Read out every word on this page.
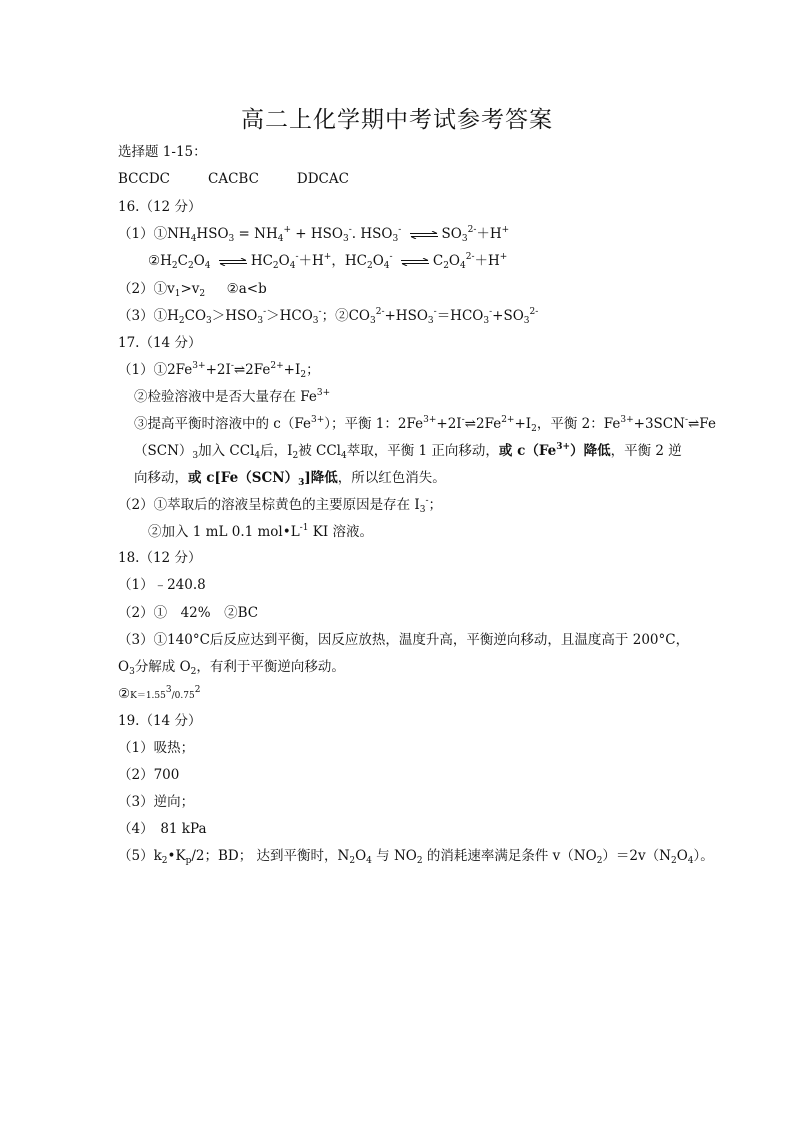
高二上化学期中考试参考答案
选择题 1-15：
BCCDC	CACBC	DDCAC
16.（12 分）
$(1)①NH_4HSO_3 = NH_4^+ + HSO_3^-$. $HSO_3^-$ ⇌ $SO_3^{2-}+H^+$
$②H_2C_2O_4$ ⇌ $HC_2O_4^-+H^+$，$HC_2O_4^-$ ⇌ $C_2O_4^{2-}+H^+$
$(2)①v_1>v_2$ ②a<b
$(3)①H_2CO_3>HSO_3^->HCO_3^-$；$②CO_3^{2-}+HSO_3^-=HCO_3^-+SO_3^{2-}$
17.（14 分）
$(1)①2Fe^{3+}+2I^-\rightleftharpoons 2Fe^{2+}+I_2$；
②检验溶液中是否大量存在 $Fe^{3+}$
③提高平衡时溶液中的 $c(Fe^{3+})$；平衡 1：$2Fe^{3+}+2I^-\rightleftharpoons 2Fe^{2+}+I_2$，平衡 2：$Fe^{3+}+3SCN^-\rightleftharpoons Fe$
$(SCN)_3$加入 CCl$_4$后，$I_2$被 CCl$_4$萃取，平衡 1 正向移动，或 $c(Fe^{3+})$降低，平衡 2 逆
向移动，或 $c[Fe(SCN)_3]$降低，所以红色消失。
（2）①萃取后的溶液呈棕黄色的主要原因是存在 $I_3^-$；
②加入 1 mL 0.1 $mol•L^{-1}$ KI 溶液。
18.（12 分）
（1）﹣240.8
（2）①　42%　②BC
（3）①140°C后反应达到平衡，因反应放热，温度升高，平衡逆向移动，且温度高于 200°C，
$O_3$分解成 $O_2$，有利于平衡逆向移动。
$②K=1.55^3/0.75^2$
19.（14 分）
（1）吸热；
（2）700
（3）逆向；
（4）　81 kPa
$(5)k_2•K_p/2$；BD； 达到平衡时，$N_2O_4$ 与 $NO_2$ 的消耗速率满足条件 $v(NO_2)=2v(N_2O_4)$。
